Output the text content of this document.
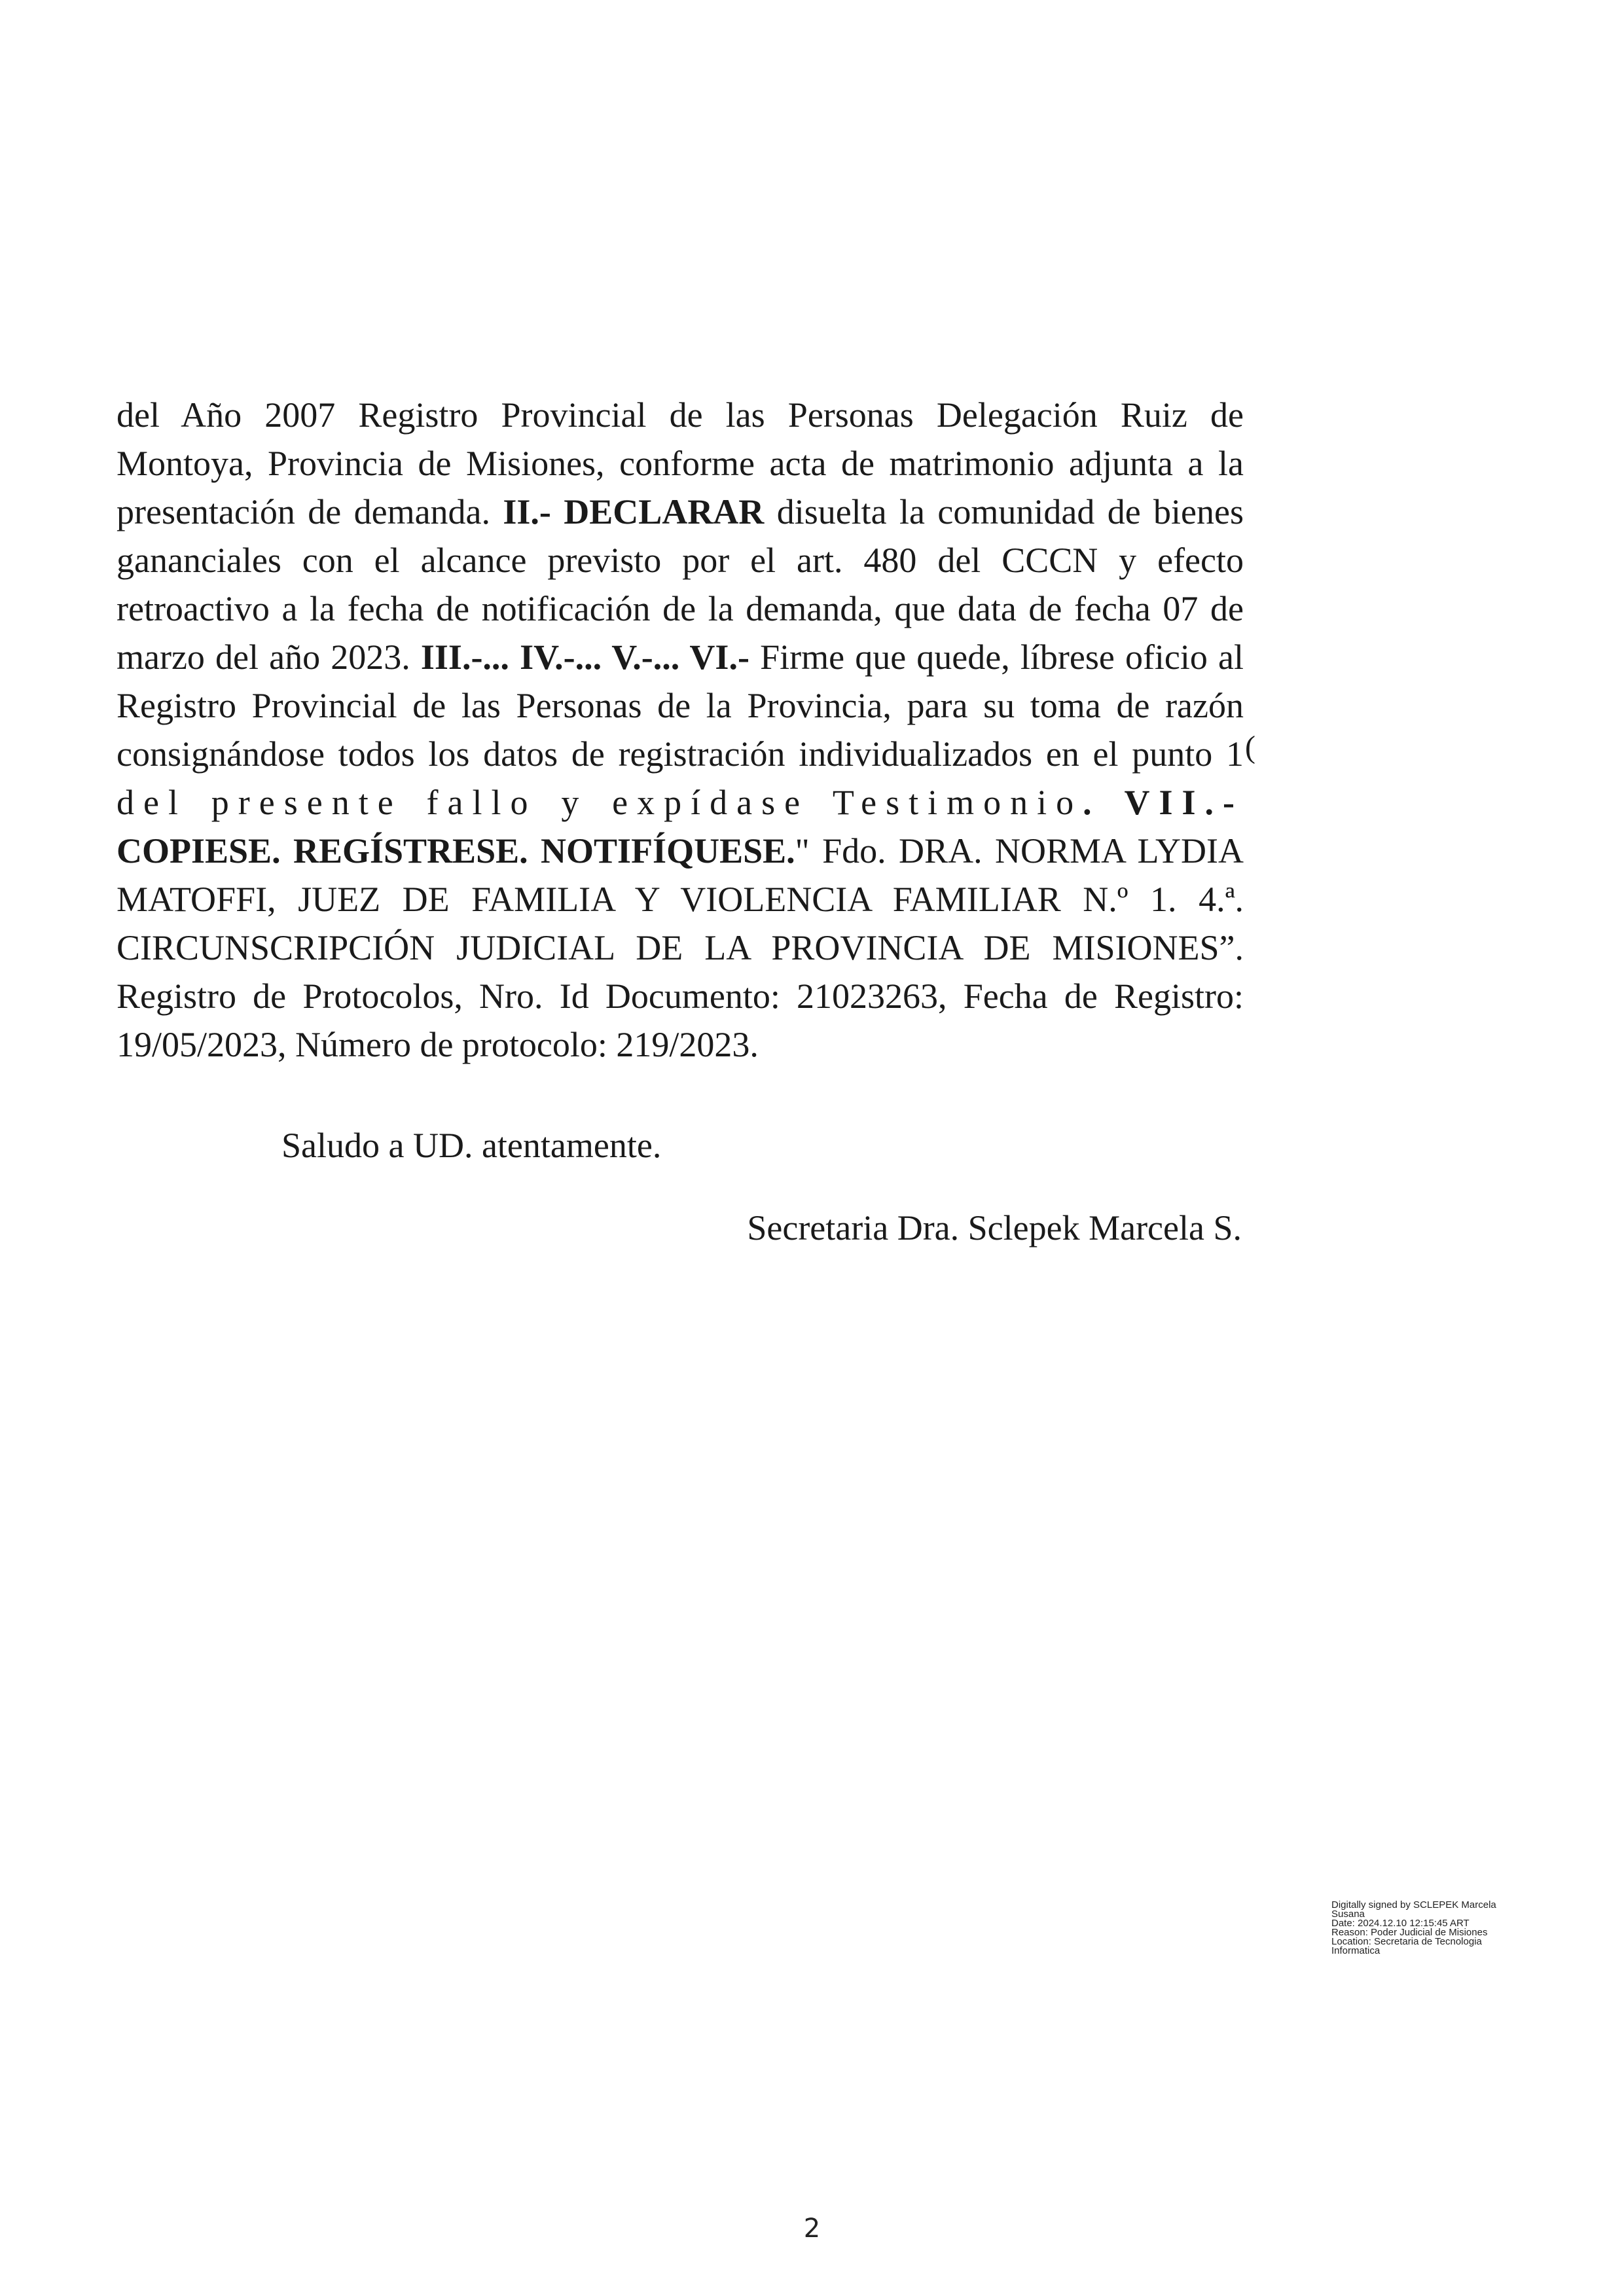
del Año 2007 Registro Provincial de las Personas Delegación Ruiz de
Montoya, Provincia de Misiones, conforme acta de matrimonio adjunta a la
presentación de demanda. II.- DECLARAR disuelta la comunidad de bienes
gananciales con el alcance previsto por el art. 480 del CCCN y efecto
retroactivo a la fecha de notificación de la demanda, que data de fecha 07 de
marzo del año 2023. III.-... IV.-... V.-... VI.- Firme que quede, líbrese oficio al
Registro Provincial de las Personas de la Provincia, para su toma de razón
consignándose todos los datos de registración individualizados en el punto 1 (
del presente fallo y expídase Testimonio. VII.-
COPIESE. REGÍSTRESE. NOTIFÍQUESE." Fdo. DRA. NORMA LYDIA
MATOFFI, JUEZ DE FAMILIA Y VIOLENCIA FAMILIAR N.º 1. 4.ª.
CIRCUNSCRIPCIÓN JUDICIAL DE LA PROVINCIA DE MISIONES”.
Registro de Protocolos, Nro. Id Documento: 21023263, Fecha de Registro:
19/05/2023, Número de protocolo: 219/2023.
Saludo a UD. atentamente.
Secretaria Dra. Sclepek Marcela S.
Digitally signed by SCLEPEK Marcela
Susana
Date: 2024.12.10 12:15:45 ART
Reason: Poder Judicial de Misiones
Location: Secretaria de Tecnologia
Informatica
2
